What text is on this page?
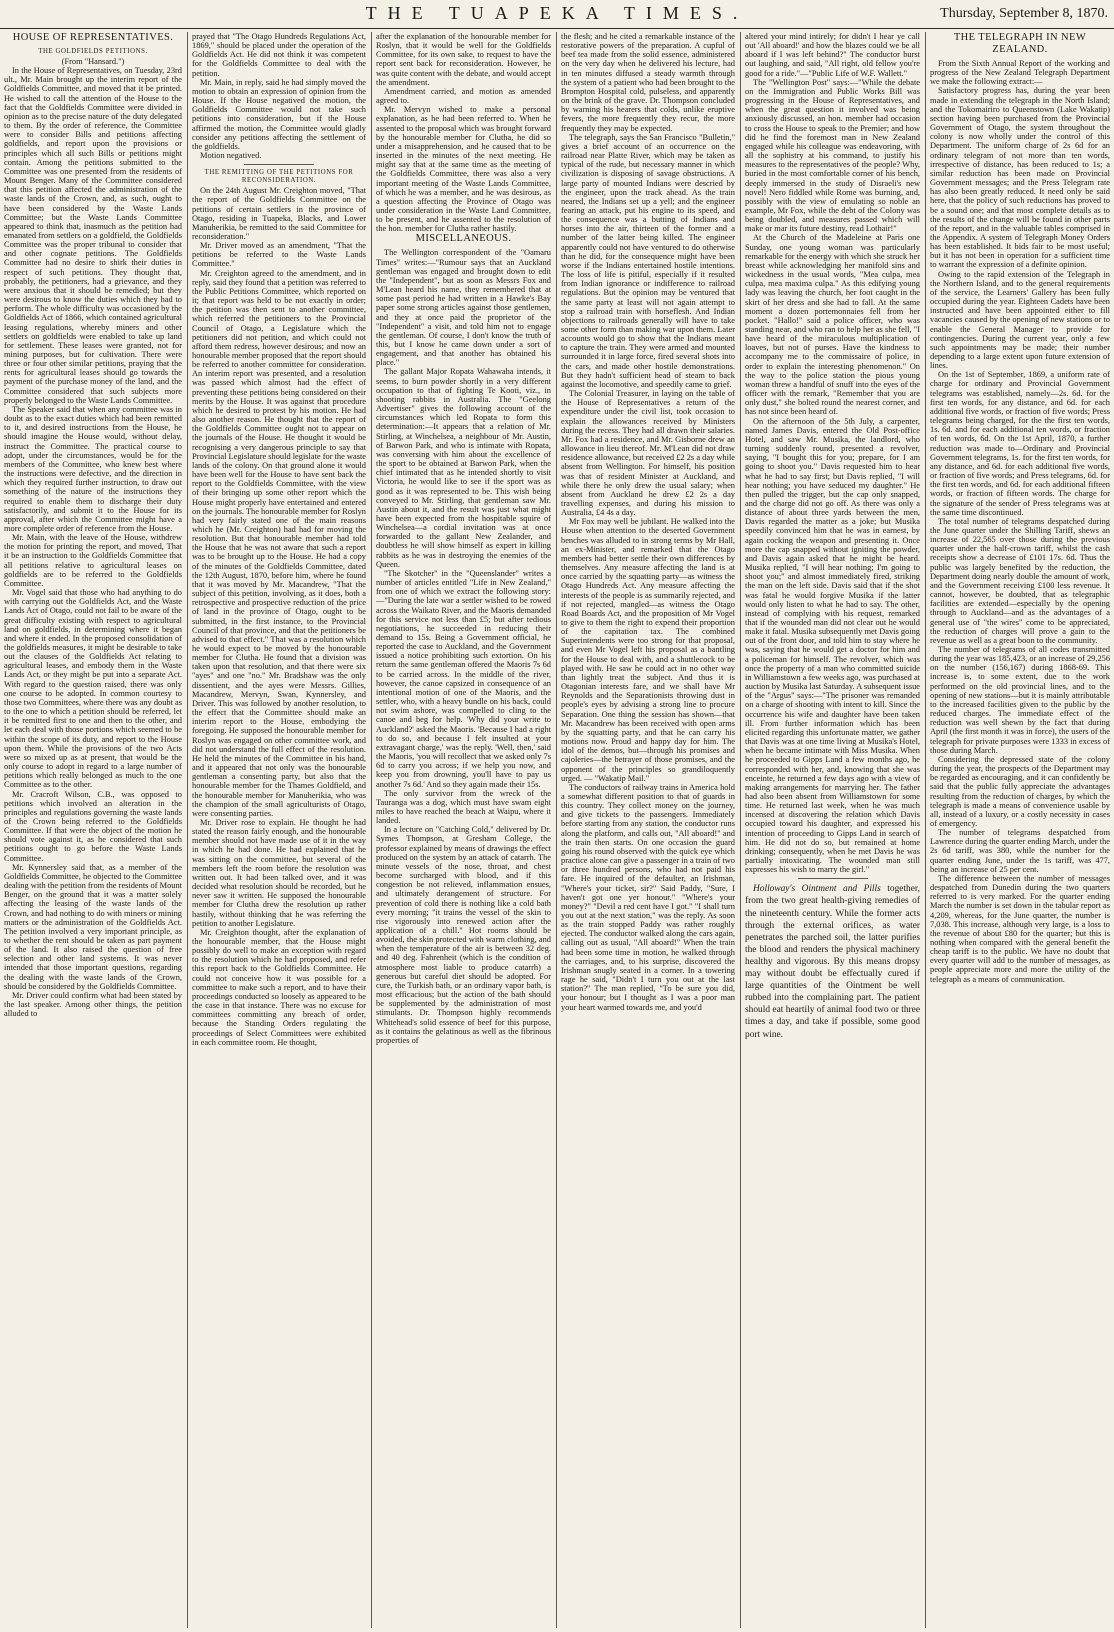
THE TUAPEKA TIMES.	Thursday, September 8, 1870.
HOUSE OF REPRESENTATIVES.
THE GOLDFIELDS PETITIONS.

(From "Hansard.")

In the House of Representatives, on Tuesday, 23rd ult., Mr. Main brought up the interim report of the Goldfields Committee, and moved that it be printed. He wished to call the attention of the House to the fact that the Goldfields Committee were divided in opinion as to the precise nature of the duty delegated to them. By the order of reference, the Committee were to consider Bills and petitions affecting goldfields, and report upon the provisions or principles which all such Bills or petitions might contain. Among the petitions submitted to the Committee was one presented from the residents of Mount Benger. Many of the Committee considered that this petition affected the administration of the waste lands of the Crown, and, as such, ought to have been considered by the Waste Lands Committee; but the Waste Lands Committee appeared to think that, inasmuch as the petition had emanated from settlers on a goldfield, the Goldfields Committee was the proper tribunal to consider that and other cognate petitions. The Goldfields Committee had no desire to shirk their duties in respect of such petitions. They thought that, probably, the petitioners, had a grievance, and they were anxious that it should be remedied; but they were desirous to know the duties which they had to perform. The whole difficulty was occasioned by the Goldfields Act of 1866, which contained agricultural leasing regulations, whereby miners and other settlers on goldfields were enabled to take up land for settlement. These leases were granted, not for mining purposes, but for cultivation. There were three or four other similar petitions, praying that the rents for agricultural leases should go towards the payment of the purchase money of the land, and the Committee considered that such subjects more properly belonged to the Waste Lands Committee.

The Speaker said that when any committee was in doubt as to the exact duties which had been remitted to it, and desired instructions from the House, he should imagine the House would, without delay, instruct the Committee. The practical course to adopt, under the circumstances, would be for the members of the Committee, who knew best where the instructions were defective, and the direction in which they required further instruction, to draw out something of the nature of the instructions they required to enable them to discharge their duty satisfactorily, and submit it to the House for its approval, after which the Committee might have a more complete order of reference from the House.

Mr. Main, with the leave of the House, withdrew the motion for printing the report, and moved, That it be an instruction to the Goldfields Committee that all petitions relative to agricultural leases on goldfields are to be referred to the Goldfields Committee.

Mr. Vogel said that those who had anything to do with carrying out the Goldfields Act, and the Waste Lands Act of Otago, could not fail to be aware of the great difficulty existing with respect to agricultural land on goldfields, in determining where it began and where it ended. In the proposed consolidation of the goldfields measures, it might be desirable to take out the clauses of the Goldfields Act relating to agricultural leases, and embody them in the Waste Lands Act, or they might be put into a separate Act. With regard to the question raised, there was only one course to be adopted. In common courtesy to those two Committees, where there was any doubt as to the one to which a petition should be referred, let it be remitted first to one and then to the other, and let each deal with those portions which seemed to be within the scope of its duty, and report to the House upon them. While the provisions of the two Acts were so mixed up as at present, that would be the only course to adopt in regard to a large number of petitions which really belonged as much to the one Committee as to the other.

Mr. Cracroft Wilson, C.B., was opposed to petitions which involved an alteration in the principles and regulations governing the waste lands of the Crown being referred to the Goldfields Committee. If that were the object of the motion he should vote against it, as he considered that such petitions ought to go before the Waste Lands Committee.

Mr. Kynnersley said that, as a member of the Goldfields Committee, he objected to the Committee dealing with the petition from the residents of Mount Benger, on the ground that it was a matter solely affecting the leasing of the waste lands of the Crown, and had nothing to do with miners or mining matters or the administration of the Goldfields Act. The petition involved a very important principle, as to whether the rent should be taken as part payment of the land. It also raised the question of free selection and other land systems. It was never intended that those important questions, regarding the dealing with the waste lands of the Crown, should be considered by the Goldfields Committee.

Mr. Driver could confirm what had been stated by the last speaker. Among other things, the petition alluded to

prayed that "The Otago Hundreds Regulations Act, 1869," should be placed under the operation of the Goldfields Act. He did not think it was competent for the Goldfields Committee to deal with the petition.

Mr. Main, in reply, said he had simply moved the motion to obtain an expression of opinion from the House. If the House negatived the motion, the Goldfields Committee would not take such petitions into consideration, but if the House affirmed the motion, the Committee would gladly consider any petitions affecting the settlement of the goldfields.

Motion negatived.

THE REMITTING OF THE PETITIONS FOR RECONSIDERATION.

On the 24th August Mr. Creighton moved, "That the report of the Goldfields Committee on the petitions of certain settlers in the province of Otago, residing in Tuapeka, Blacks, and Lower Manuherikia, be remitted to the said Committee for reconsideration."

Mr. Driver moved as an amendment, "That the petitions be referred to the Waste Lands Committee."

Mr. Creighton agreed to the amendment, and in reply, said they found that a petition was referred to the Public Petitions Committee, which reported on it; that report was held to be not exactly in order; the petition was then sent to another committee, which referred the petitioners to the Provincial Council of Otago, a Legislature which the petitioners did not petition, and which could not afford them redress, however desirous; and now an honourable member proposed that the report should be referred to another committee for consideration. An interim report was presented, and a resolution was passed which almost had the effect of preventing these petitions being considered on their merits by the House. It was against that procedure which he desired to protest by his motion. He had also another reason. He thought that the report of the Goldfields Committee ought not to appear on the journals of the House. He thought it would be recognising a very dangerous principle to say that Provincial Legislature should legislate for the waste lands of the colony. On that ground alone it would have been well for the House to have sent back the report to the Goldfields Committee, with the view of their bringing up some other report which the House might properly have entertained and entered on the journals. The honourable member for Roslyn had very fairly stated one of the main reasons which he (Mr. Creighton) had had for moving the resolution. But that honourable member had told the House that he was not aware that such a report was to be brought up to the House. He had a copy of the minutes of the Goldfields Committee, dated the 12th August, 1870, before him, where he found that it was moved by Mr. Macandrew, "That the subject of this petition, involving, as it does, both a retrospective and prospective reduction of the price of land in the province of Otago, ought to be submitted, in the first instance, to the Provincial Council of that province, and that the petitioners be advised to that effect." That was a resolution which he would expect to be moved by the honourable member for Clutha. He found that a division was taken upon that resolution, and that there were six "ayes" and one "no." Mr. Bradshaw was the only dissentient, and the ayes were Messrs. Gillies, Macandrew, Mervyn, Swan, Kynnersley, and Driver. This was followed by another resolution, to the effect that the Committee should make an interim report to the House, embodying the foregoing. He supposed the honourable member for Roslyn was engaged on other committee work, and did not understand the full effect of the resolution. He held the minutes of the Committee in his hand, and it appeared that not only was the honourable gentleman a consenting party, but also that the honourable member for the Thames Goldfield, and the honourable member for Manuherikia, who was the champion of the small agriculturists of Otago, were consenting parties.

Mr. Driver rose to explain. He thought he had stated the reason fairly enough, and the honourable member should not have made use of it in the way in which he had done. He had explained that he was sitting on the committee, but several of the members left the room before the resolution was written out. It had been talked over, and it was decided what resolution should be recorded, but he never saw it written. He supposed the honourable member for Clutha drew the resolution up rather hastily, without thinking that he was referring the petition to another Legislature.

Mr. Creighton thought, after the explanation of the honourable member, that the House might possibly do well to make an exception with regard to the resolution which he had proposed, and refer this report back to the Goldfields Committee. He could not conceive how it was possible for a committee to make such a report, and to have their proceedings conducted so loosely as appeared to be the case in that instance. There was no excuse for committees committing any breach of order, because the Standing Orders regulating the proceedings of Select Committees were exhibited in each committee room. He thought,

after the explanation of the honourable member for Roslyn, that it would be well for the Goldfields Committee, for its own sake, to request to have the report sent back for reconsideration. However, he was quite content with the debate, and would accept the amendment.

Amendment carried, and motion as amended agreed to.

Mr. Mervyn wished to make a personal explanation, as he had been referred to. When he assented to the proposal which was brought forward by the honourable member for Clutha, he did so under a misapprehension, and he caused that to be inserted in the minutes of the next meeting. He might say that at the same time as the meeting of the Goldfields Committee, there was also a very important meeting of the Waste Lands Committee, of which he was a member, and he was desirous, as a question affecting the Province of Otago was under consideration in the Waste Land Committee, to be present, and he assented to the resolution of the hon. member for Clutha rather hastily.

MISCELLANEOUS.

The Wellington correspondent of the "Oamaru Times" writes:—"Rumour says that an Auckland gentleman was engaged and brought down to edit the "Independent", but as soon as Messrs Fox and M'Lean heard his name, they remembered that at some past period he had written in a Hawke's Bay paper some strong articles against those gentlemen, and they at once paid the proprietor of the "Independent" a visit, and told him not to engage the gentleman. Of course, I don't know the truth of this, but I know he came down under a sort of engagement, and that another has obtained his place."

The gallant Major Ropata Wahawaha intends, it seems, to burn powder shortly in a very different occupation to that of fighting Te Kooti, viz., in shooting rabbits in Australia. The "Geelong Advertiser" gives the following account of the circumstances which led Ropata to form this determination:—It appears that a relation of Mr. Stirling, at Winchelsea, a neighbour of Mr. Austin, of Barwon Park, and who is intimate with Ropata, was conversing with him about the excellence of the sport to be obtained at Barwon Park, when the chief intimated that as he intended shortly to visit Victoria, he would like to see if the sport was as good as it was represented to be. This wish being conveyed to Mr. Stirling, that gentleman saw Mr. Austin about it, and the result was just what might have been expected from the hospitable squire of Winchelsea—a cordial invitation was at once forwarded to the gallant New Zealander, and doubtless he will show himself as expert in killing rabbits as he was in destroying the enemies of the Queen.

"The Skotcher" in the "Queenslander" writes a number of articles entitled "Life in New Zealand," from one of which we extract the following story:—"During the late war a settler wished to be rowed across the Waikato River, and the Maoris demanded for this service not less than £5; but after tedious negotiations, he succeeded in reducing their demand to 15s. Being a Government official, he reported the case to Auckland, and the Government issued a notice prohibiting such extortion. On his return the same gentleman offered the Maoris 7s 6d to be carried across. In the middle of the river, however, the canoe capsized in consequence of an intentional motion of one of the Maoris, and the settler, who, with a heavy bundle on his back, could not swim ashore, was compelled to cling to the canoe and beg for help. 'Why did your write to Auckland?' asked the Maoris. 'Because I had a right to do so, and because I felt insulted at your extravagant charge,' was the reply. 'Well, then,' said the Maoris, 'you will recollect that we asked only 7s 6d to carry you across; if we help you now, and keep you from drowning, you'll have to pay us another 7s 6d.' And so they again made their 15s.

The only survivor from the wreck of the Tauranga was a dog, which must have swam eight miles to have reached the beach at Waipu, where it landed.

In a lecture on "Catching Cold," delivered by Dr. Symes Thompson, at Gresham College, the professor explained by means of drawings the effect produced on the system by an attack of catarrh. The minute vessels of the nose, throat, and chest become surcharged with blood, and if this congestion be not relieved, inflammation ensues, and ultimately derangement of structure. For prevention of cold there is nothing like a cold bath every morning; "it trains the vessel of the skin to rise vigorously into renewed action after the application of a chill." Hot rooms should be avoided, the skin protected with warm clothing, and when the temperature of the air is between 32 deg. and 40 deg. Fahrenheit (which is the condition of atmosphere most liable to produce catarrh) a generous but careful diet should be adopted. For cure, the Turkish bath, or an ordinary vapor bath, is most efficacious; but the action of the bath should be supplemented by the administration of most stimulants. Dr. Thompson highly recommends Whitehead's solid essence of beef for this purpose, as it contains the gelatinous as well as the fibrinous properties of

the flesh; and he cited a remarkable instance of the restorative powers of the preparation. A cupful of beef tea made from the solid essence, administered on the very day when he delivered his lecture, had in ten minutes diffused a steady warmth through the system of a patient who had been brought to the Brompton Hospital cold, pulseless, and apparently on the brink of the grave. Dr. Thompson concluded by warning his hearers that colds, unlike eruptive fevers, the more frequently they recur, the more frequently they may be expected.

The telegraph, says the San Francisco "Bulletin," gives a brief account of an occurrence on the railroad near Platte River, which may be taken as typical of the rude, but necessary manner in which civilization is disposing of savage obstructions. A large party of mounted Indians were descried by the engineer, upon the track ahead. As the train neared, the Indians set up a yell; and the engineer fearing an attack, put his engine to its speed, and the consequence was a butting of Indians and horses into the air, thirteen of the former and a number of the latter being killed. The engineer apparently could not have ventured to do otherwise than he did, for the consequence might have been worse if the Indians entertained hostile intentions. The loss of life is pitiful, especially if it resulted from Indian ignorance or indifference to railroad regulations. But the opinion may be ventured that the same party at least will not again attempt to stop a railroad train with horseflesh. And Indian objections to railroads generally will have to take some other form than making war upon them. Later accounts would go to show that the Indians meant to capture the train. They were armed and mounted surrounded it in large force, fired several shots into the cars, and made other hostile demonstrations. But they hadn't sufficient head of steam to back against the locomotive, and speedily came to grief.

The Colonial Treasurer, in laying on the table of the House of Representatives a return of the expenditure under the civil list, took occasion to explain the allowances received by Ministers during the recess. They had all drawn their salaries. Mr. Fox had a residence, and Mr. Gisborne drew an allowance in lieu thereof. Mr. M'Lean did not draw residence allowance, but received £2 2s a day while absent from Wellington. For himself, his position was that of resident Minister at Auckland, and while there he only drew the usual salary; when absent from Auckland he drew £2 2s a day travelling expenses, and during his mission to Australia, £4 4s a day.

Mr Fox may well be jubilant. He walked into the House when attention to the deserted Government benches was alluded to in strong terms by Mr Hall, an ex-Minister, and remarked that the Otago members had better settle their own differences by themselves. Any measure affecting the land is at once carried by the squatting party—as witness the Otago Hundreds Act. Any measure affecting the interests of the people is as summarily rejected, and if not rejected, mangled—as witness the Otago Road Boards Act, and the proposition of Mr Vogel to give to them the right to expend their proportion of the capitation tax. The combined Superintendents were too strong for that proposal, and even Mr Vogel left his proposal as a bantling for the House to deal with, and a shuttlecock to be played with. He saw he could act in no other way than lightly treat the subject. And thus it is Otagonian interests fare, and we shall have Mr Reynolds and the Separationists throwing dust in people's eyes by advising a strong line to procure Separation. One thing the session has shown—that Mr. Macandrew has been received with open arms by the squatting party, and that he can carry his motions now. Proud and happy day for him. The idol of the demos, but—through his promises and cajoleries—the betrayer of those promises, and the opponent of the principles so grandiloquently urged. — "Wakatip Mail."

The conductors of railway trains in America hold a somewhat different position to that of guards in this country. They collect money on the journey, and give tickets to the passengers. Immediately before starting from any station, the conductor runs along the platform, and calls out, "All aboard!" and the train then starts. On one occasion the guard going his round observed with the quick eye which practice alone can give a passenger in a train of two or three hundred persons, who had not paid his fare. He inquired of the defaulter, an Irishman, "Where's your ticket, sir?" Said Paddy, "Sure, I haven't got one yer honour." "Where's your money?" "Devil a red cent have I got." "I shall turn you out at the next station," was the reply. As soon as the train stopped Paddy was rather roughly ejected. The conductor walked along the cars again, calling out as usual, "All aboard!" When the train had been some time in motion, he walked through the carriages, and, to his surprise, discovered the Irishman snugly seated in a corner. In a towering rage he said, "Didn't I turn you out at the last station?" The man replied, "To be sure you did, your honour; but I thought as I was a poor man your heart warmed towards me, and you'd

altered your mind intirely; for didn't I hear ye call out 'All aboard!' and how the blazes could we be all aboard if I was left behind?" The conductor burst out laughing, and said, "All right, old fellow you're good for a ride."—"Public Life of W.F. Wallett."

The "Wellington Post" says:—"While the debate on the Immigration and Public Works Bill was progressing in the House of Representatives, and when the great question it involved was being anxiously discussed, an hon. member had occasion to cross the House to speak to the Premier; and how did he find the foremost man in New Zealand engaged while his colleague was endeavoring, with all the sophistry at his command, to justify his measures to the representatives of the people? Why, buried in the most comfortable corner of his bench, deeply immersed in the study of Disraeli's new novel! Nero fiddled while Rome was burning, and, possibly with the view of emulating so noble an example, Mr Fox, while the debt of the Colony was being doubled, and measures passed which will make or mar its future destiny, read Lothair!"

At the Church of the Madeleine at Paris one Sunday, one young woman was particularly remarkable for the energy with which she struck her breast while acknowledging her manifold sins and wickedness in the usual words, "Mea culpa, mea culpa, mea maxima culpa." As this edifying young lady was leaving the church, her foot caught in the skirt of her dress and she had to fall. At the same moment a dozen portemonnaies fell from her pocket. "Hallo!" said a police officer, who was standing near, and who ran to help her as she fell, "I have heard of the miraculous multiplication of loaves, but not of purses. Have the kindness to accompany me to the commissaire of police, in order to explain the interesting phenomenon." On the way to the police station the pious young woman threw a handful of snuff into the eyes of the officer with the remark, "Remember that you are only dust," she bolted round the nearest corner, and has not since been heard of.

On the afternoon of the 5th July, a carpenter, named James Davis, entered the Old Post-office Hotel, and saw Mr. Musika, the landlord, who turning suddenly round, presented a revolver, saying, "I bought this for you; prepare, for I am going to shoot you." Davis requested him to hear what he had to say first; but Davis replied, "I will hear nothing; you have seduced my daughter." He then pulled the trigger, but the cap only snapped, and the charge did not go off. As there was only a distance of about three yards between the men, Davis regarded the matter as a joke; but Musika speedily convinced him that he was in earnest, by again cocking the weapon and presenting it. Once more the cap snapped without igniting the powder, and Davis again asked that he might be heard. Musika replied, "I will hear nothing; I'm going to shoot you;" and almost immediately fired, striking the man on the left side. Davis said that if the shot was fatal he would forgive Musika if the latter would only listen to what he had to say. The other, instead of complying with his request, remarked that if the wounded man did not clear out he would make it fatal. Musika subsequently met Davis going out of the front door, and told him to stay where he was, saying that he would get a doctor for him and a policeman for himself. The revolver, which was once the property of a man who committed suicide in Williamstown a few weeks ago, was purchased at auction by Musika last Saturday. A subsequent issue of the "Argus" says:—"The prisoner was remanded on a charge of shooting with intent to kill. Since the occurrence his wife and daughter have been taken ill. From further information which has been elicited regarding this unfortunate matter, we gather that Davis was at one time living at Musika's Hotel, when he became intimate with Miss Musika. When he proceeded to Gipps Land a few months ago, he corresponded with her, and, knowing that she was enceinte, he returned a few days ago with a view of making arrangements for marrying her. The father had also been absent from Williamstown for some time. He returned last week, when he was much incensed at discovering the relation which Davis occupied toward his daughter, and expressed his intention of proceeding to Gipps Land in search of him. He did not do so, but remained at home drinking; consequently, when he met Davis he was partially intoxicating. The wounded man still expresses his wish to marry the girl."

Holloway's Ointment and Pills together, from the two great health-giving remedies of the nineteenth century. While the former acts through the external orifices, as water penetrates the parched soil, the latter purifies the blood and renders the physical machinery healthy and vigorous. By this means dropsy may without doubt be effectually cured if large quantities of the Ointment be well rubbed into the complaining part. The patient should eat heartily of animal food two or three times a day, and take if possible, some good port wine.

THE TELEGRAPH IN NEW ZEALAND.

From the Sixth Annual Report of the working and progress of the New Zealand Telegraph Department we make the following extract:—

Satisfactory progress has, during the year been made in extending the telegraph in the North Island; and the Tokomairiro to Queenstown (Lake Wakatip) section having been purchased from the Provincial Government of Otago, the system throughout the colony is now wholly under the control of this Department. The uniform charge of 2s 6d for an ordinary telegram of not more than ten words, irrespective of distance, has been reduced to 1s; a similar reduction has been made on Provincial Government messages; and the Press Telegram rate has also been greatly reduced. It need only be said here, that the policy of such reductions has proved to be a sound one; and that most complete details as to the results of the change will be found in other parts of the report, and in the valuable tables comprised in the Appendix. A system of Telegraph Money Orders has been established. It bids fair to be most useful; but it has not been in operation for a sufficient time to warrant the expression of a definite opinion.

Owing to the rapid extension of the Telegraph in the Northern Island, and to the general requirements of the service, the Learners' Gallery has been fully occupied during the year. Eighteen Cadets have been instructed and have been appointed either to fill vacancies caused by the opening of new stations or to enable the General Manager to provide for contingencies. During the current year, only a few such appointments may be made; their number depending to a large extent upon future extension of lines.

On the 1st of September, 1869, a uniform rate of charge for ordinary and Provincial Government telegrams was established, namely—2s. 6d. for the first ten words, for any distance, and 6d. for each additional five words, or fraction of five words; Press telegrams being charged, for the the first ten words, 1s. 6d. and for each additional ten words, or fraction of ten words, 6d. On the 1st April, 1870, a further reduction was made to—Ordinary and Provincial Government telegrams, 1s. for the first ten words, for any distance, and 6d. for each additional five words, or fraction of five words; and Press telegrams, 6d. for the first ten words, and 6d. for each additional fifteen words, or fraction of fifteen words. The charge for the signature of the sender of Press telegrams was at the same time discontinued.

The total number of telegrams despatched during the June quarter under the Shilling Tariff, shews an increase of 22,565 over those during the previous quarter under the half-crown tariff, whilst the cash receipts show a decrease of £101 17s. 6d. Thus the public was largely benefited by the reduction, the Department doing nearly double the amount of work, and the Government receiving £100 less revenue. It cannot, however, be doubted, that as telegraphic facilities are extended—especially by the opening through to Auckland—and as the advantages of a general use of "the wires" come to be appreciated, the reduction of charges will prove a gain to the revenue as well as a great boon to the community.

The number of telegrams of all codes transmitted during the year was 185,423, or an increase of 29,256 on the number (156,167) during 1868-69. This increase is, to some extent, due to the work performed on the old provincial lines, and to the opening of new stations—but it is mainly attributable to the increased facilities given to the public by the reduced charges. The immediate effect of the reduction was well shewn by the fact that during April (the first month it was in force), the users of the telegraph for private purposes were 1333 in excess of those during March.

Considering the depressed state of the colony during the year, the prospects of the Department may be regarded as encouraging, and it can confidently be said that the public fully appreciate the advantages resulting from the reduction of charges, by which the telegraph is made a means of convenience usable by all, instead of a luxury, or a costly necessity in cases of emergency.

The number of telegrams despatched from Lawrence during the quarter ending March, under the 2s 6d tariff, was 380, while the number for the quarter ending June, under the 1s tariff, was 477, being an increase of 25 per cent.

The difference between the number of messages despatched from Dunedin during the two quarters referred to is very marked. For the quarter ending March the number is set down in the tabular report as 4,209, whereas, for the June quarter, the number is 7,038. This increase, although very large, is a loss to the revenue of about £80 for the quarter; but this is nothing when compared with the general benefit the cheap tariff is to the public. We have no doubt that every quarter will add to the number of messages, as people appreciate more and more the utility of the telegraph as a means of communication.
